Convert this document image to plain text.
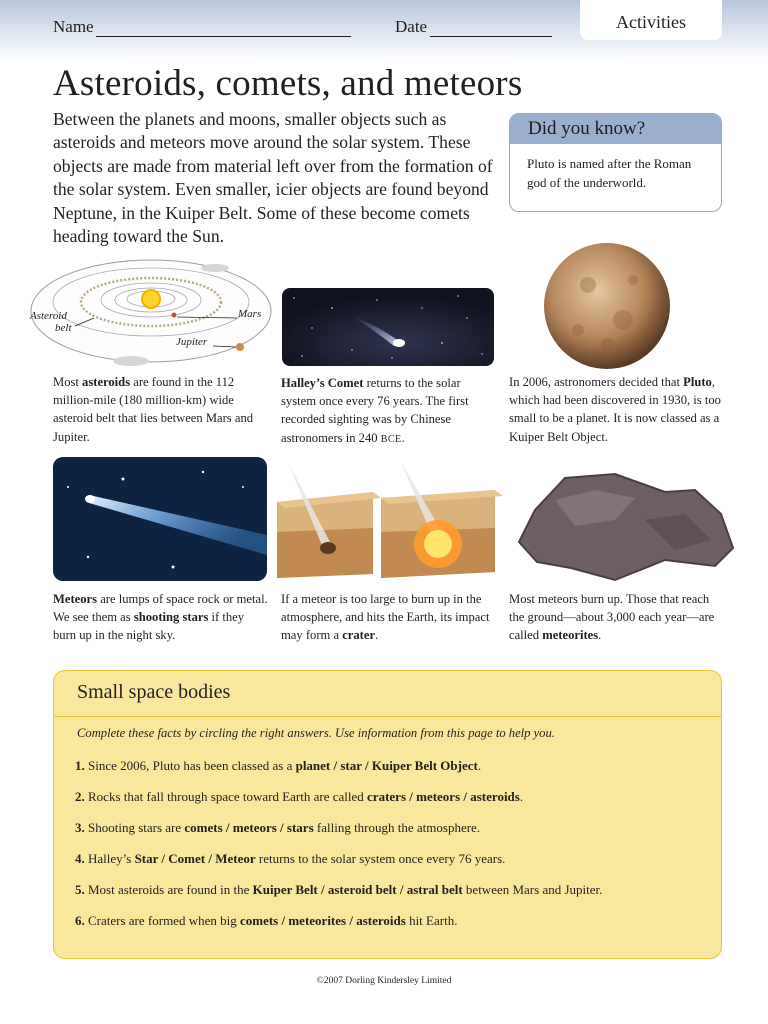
Name	Date	Activities
Asteroids, comets, and meteors

Between the planets and moons, smaller objects such as asteroids and meteors move around the solar system. These objects are made from material left over from the formation of the solar system. Even smaller, icier objects are found beyond Neptune, in the Kuiper Belt. Some of these become comets heading toward the Sun.

Did you know?
Pluto is named after the Roman god of the underworld.
Asteroid
belt
Mars
Jupiter
Most asteroids are found in the 112 million-mile (180 million-km) wide asteroid belt that lies between Mars and Jupiter.
Halley’s Comet returns to the solar system once every 76 years. The first recorded sighting was by Chinese astronomers in 240 BCE.
In 2006, astronomers decided that Pluto, which had been discovered in 1930, is too small to be a planet. It is now classed as a Kuiper Belt Object.
Meteors are lumps of space rock or metal. We see them as shooting stars if they burn up in the night sky.
If a meteor is too large to burn up in the atmosphere, and hits the Earth, its impact may form a crater.
Most meteors burn up. Those that reach the ground—about 3,000 each year—are called meteorites.
Small space bodies
Complete these facts by circling the right answers. Use information from this page to help you.
1. Since 2006, Pluto has been classed as a planet / star / Kuiper Belt Object.
2. Rocks that fall through space toward Earth are called craters / meteors / asteroids.
3. Shooting stars are comets / meteors / stars falling through the atmosphere.
4. Halley’s Star / Comet / Meteor returns to the solar system once every 76 years.
5. Most asteroids are found in the Kuiper Belt / asteroid belt / astral belt between Mars and Jupiter.
6. Craters are formed when big comets / meteorites / asteroids hit Earth.
©2007 Dorling Kindersley Limited
